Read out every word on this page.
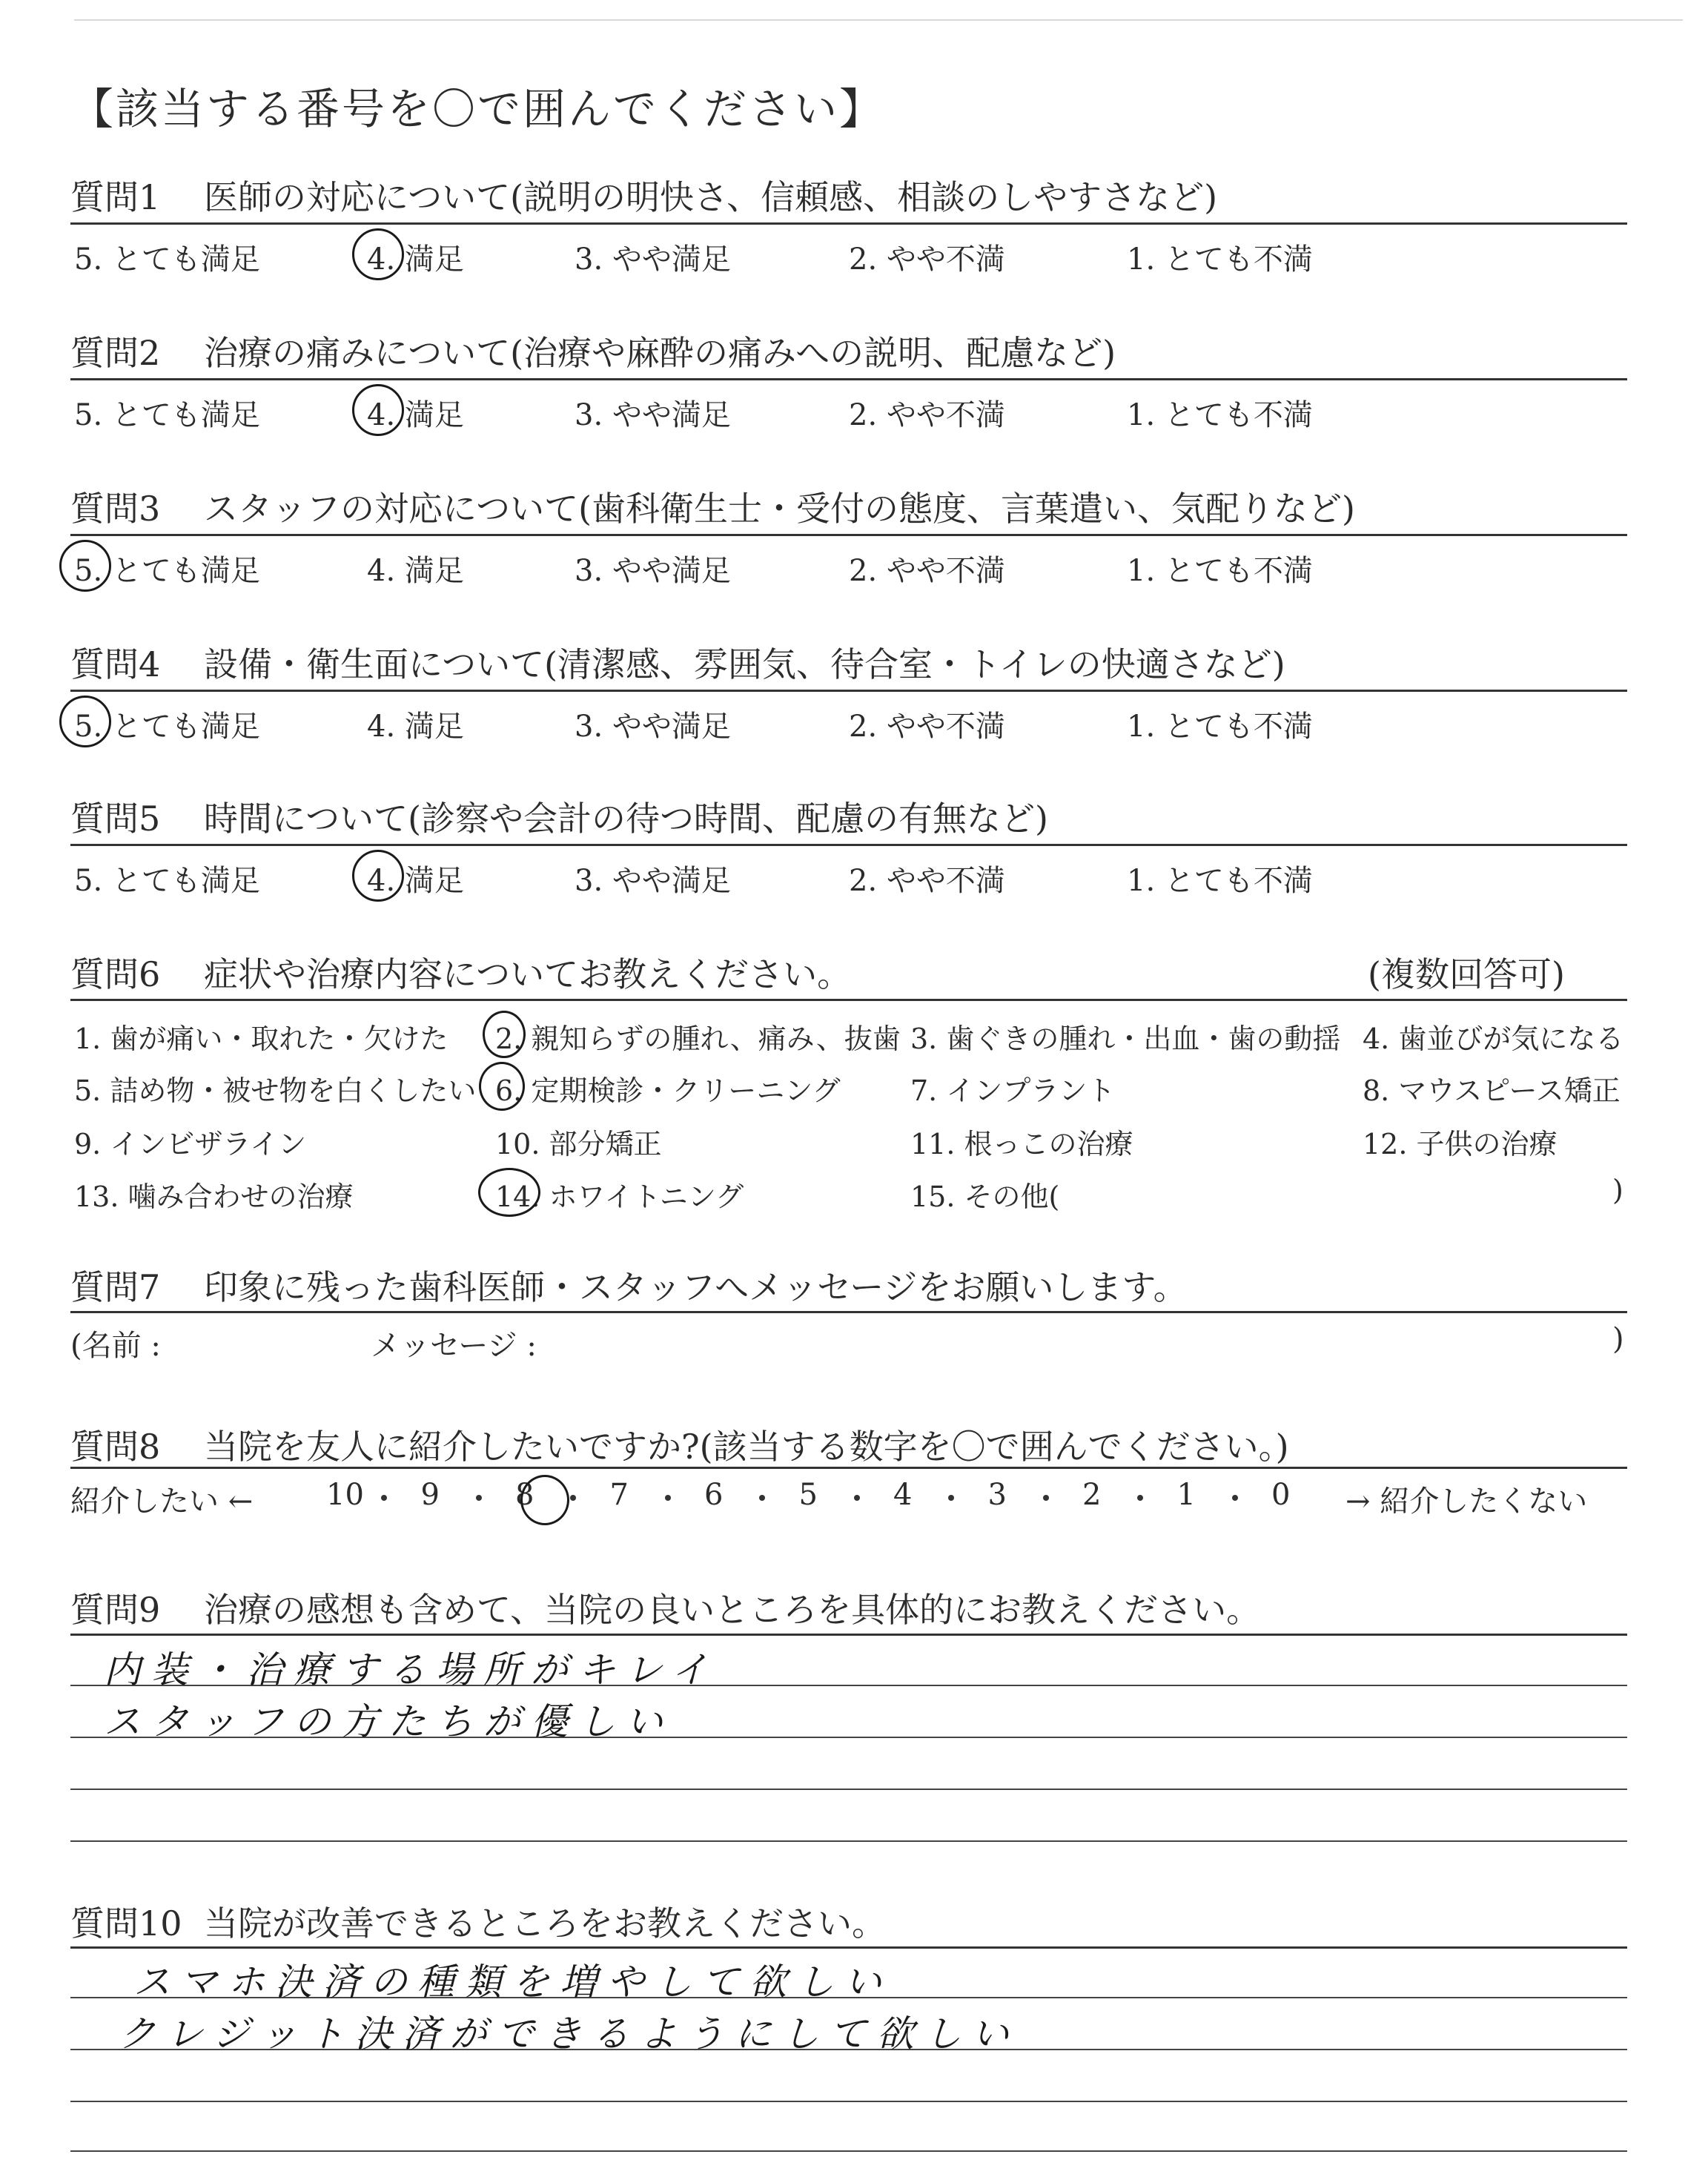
【該当する番号を〇で囲んでください】
質問1 医師の対応について(説明の明快さ、信頼感、相談のしやすさなど)
5. とても満足	4. 満足	3. やや満足	2. やや不満	1. とても不満
質問2 治療の痛みについて(治療や麻酔の痛みへの説明、配慮など)
5. とても満足	4. 満足	3. やや満足	2. やや不満	1. とても不満
質問3 スタッフの対応について(歯科衛生士・受付の態度、言葉遣い、気配りなど)
5. とても満足	4. 満足	3. やや満足	2. やや不満	1. とても不満
質問4 設備・衛生面について(清潔感、雰囲気、待合室・トイレの快適さなど)
5. とても満足	4. 満足	3. やや満足	2. やや不満	1. とても不満
質問5 時間について(診察や会計の待つ時間、配慮の有無など)
5. とても満足	4. 満足	3. やや満足	2. やや不満	1. とても不満
質問6 症状や治療内容についてお教えください。	(複数回答可)
1. 歯が痛い・取れた・欠けた 2. 親知らずの腫れ、痛み、抜歯 3. 歯ぐきの腫れ・出血・歯の動揺 4. 歯並びが気になる
5. 詰め物・被せ物を白くしたい 6. 定期検診・クリーニング 7. インプラント	8. マウスピース矯正
9. インビザライン	10. 部分矯正	11. 根っこの治療	12. 子供の治療
13. 噛み合わせの治療	14. ホワイトニング	15. その他(	)
質問7 印象に残った歯科医師・スタッフへメッセージをお願いします。
(名前 :	メッセージ :	)
質問8 当院を友人に紹介したいですか?(該当する数字を〇で囲んでください。)
紹介したい ← 10 9	8	7	6	5	4	3	2	1	0 → 紹介したくない
質問9 治療の感想も含めて、当院の良いところを具体的にお教えください。
内装・治療する場所がキレイ
スタッフの方たちが優しい
質問10 当院が改善できるところをお教えください。
スマホ決済の種類を増やして欲しい
クレジット決済ができるようにして欲しい
